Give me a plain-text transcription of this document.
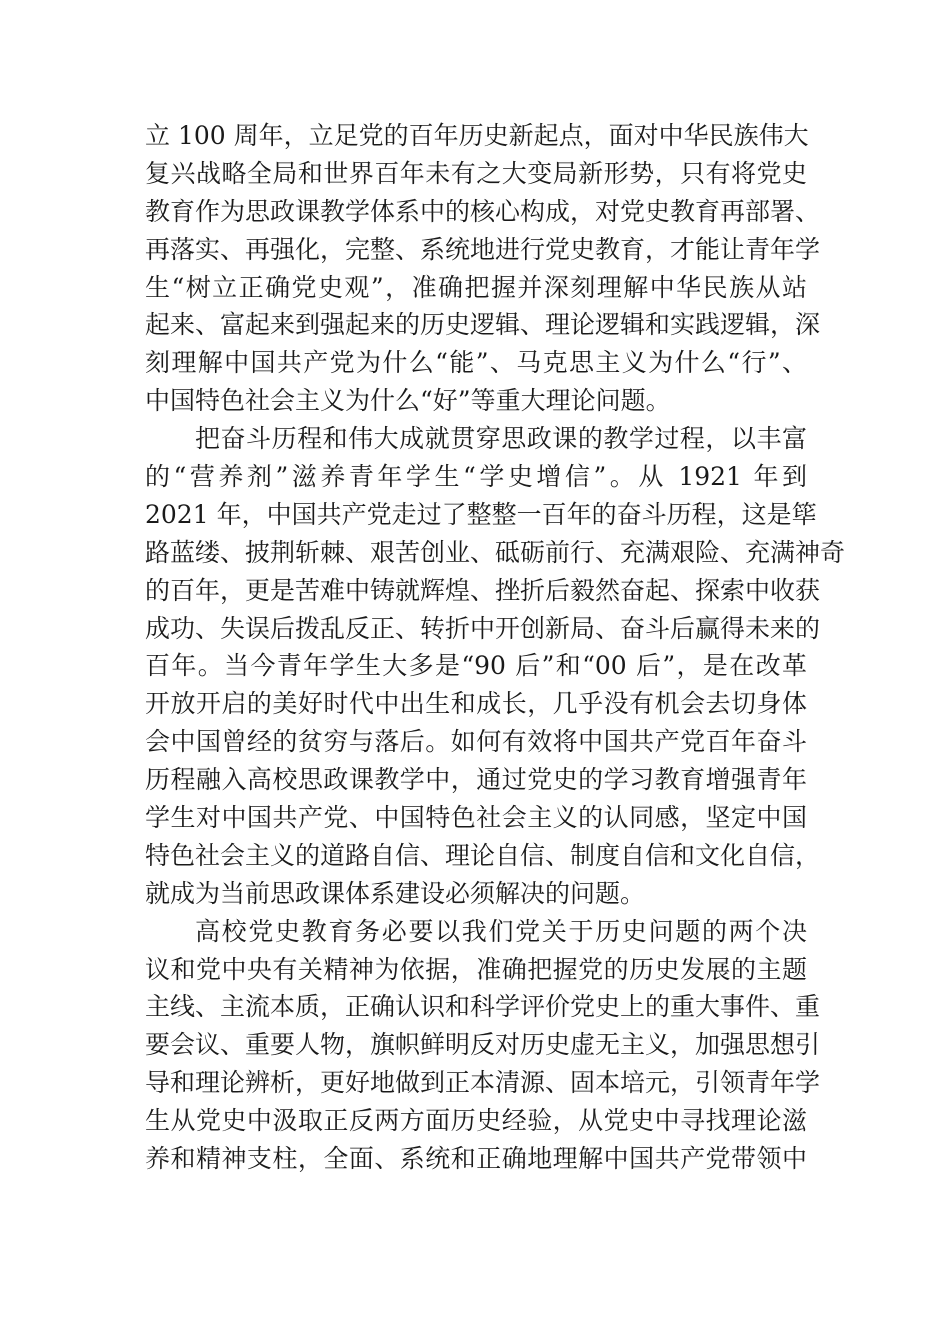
立 100 周年，立足党的百年历史新起点，面对中华民族伟大
复兴战略全局和世界百年未有之大变局新形势，只有将党史
教育作为思政课教学体系中的核心构成，对党史教育再部署、
再落实、再强化，完整、系统地进行党史教育，才能让青年学
生“树立正确党史观”，准确把握并深刻理解中华民族从站
起来、富起来到强起来的历史逻辑、理论逻辑和实践逻辑，深
刻理解中国共产党为什么“能”、马克思主义为什么“行”、
中国特色社会主义为什么“好”等重大理论问题。
把奋斗历程和伟大成就贯穿思政课的教学过程，以丰富
的“营养剂”滋养青年学生“学史增信”。从 1921 年到
2021 年，中国共产党走过了整整一百年的奋斗历程，这是筚
路蓝缕、披荆斩棘、艰苦创业、砥砺前行、充满艰险、充满神奇
的百年，更是苦难中铸就辉煌、挫折后毅然奋起、探索中收获
成功、失误后拨乱反正、转折中开创新局、奋斗后赢得未来的
百年。当今青年学生大多是“90 后”和“00 后”，是在改革
开放开启的美好时代中出生和成长，几乎没有机会去切身体
会中国曾经的贫穷与落后。如何有效将中国共产党百年奋斗
历程融入高校思政课教学中，通过党史的学习教育增强青年
学生对中国共产党、中国特色社会主义的认同感，坚定中国
特色社会主义的道路自信、理论自信、制度自信和文化自信，
就成为当前思政课体系建设必须解决的问题。
高校党史教育务必要以我们党关于历史问题的两个决
议和党中央有关精神为依据，准确把握党的历史发展的主题
主线、主流本质，正确认识和科学评价党史上的重大事件、重
要会议、重要人物，旗帜鲜明反对历史虚无主义，加强思想引
导和理论辨析，更好地做到正本清源、固本培元，引领青年学
生从党史中汲取正反两方面历史经验，从党史中寻找理论滋
养和精神支柱，全面、系统和正确地理解中国共产党带领中
